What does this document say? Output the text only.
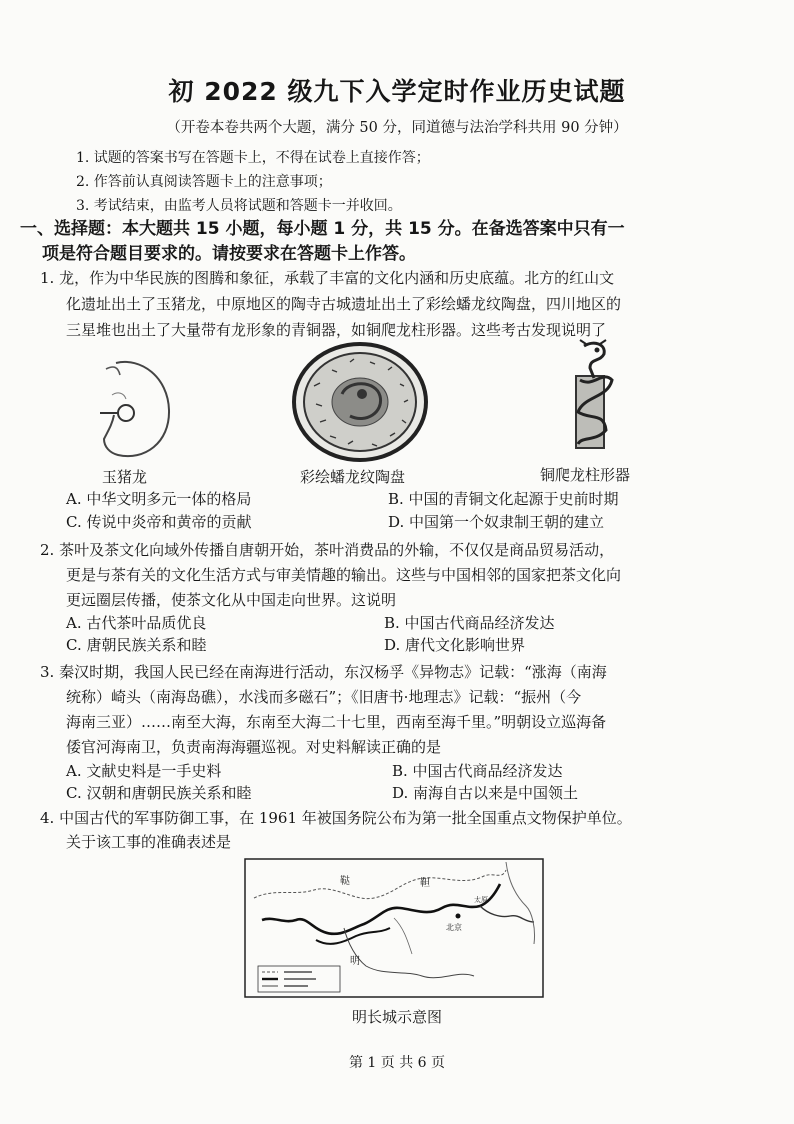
初 2022 级九下入学定时作业历史试题
（开卷本卷共两个大题，满分 50 分，同道德与法治学科共用 90 分钟）
1. 试题的答案书写在答题卡上，不得在试卷上直接作答；
2. 作答前认真阅读答题卡上的注意事项；
3. 考试结束，由监考人员将试题和答题卡一并收回。
一、选择题：本大题共 15 小题，每小题 1 分，共 15 分。在备选答案中只有一
项是符合题目要求的。请按要求在答题卡上作答。
1. 龙，作为中华民族的图腾和象征，承载了丰富的文化内涵和历史底蕴。北方的红山文
化遗址出土了玉猪龙，中原地区的陶寺古城遗址出土了彩绘蟠龙纹陶盘，四川地区的
三星堆也出土了大量带有龙形象的青铜器，如铜爬龙柱形器。这些考古发现说明了
玉猪龙	彩绘蟠龙纹陶盘	铜爬龙柱形器
A. 中华文明多元一体的格局	B. 中国的青铜文化起源于史前时期
C. 传说中炎帝和黄帝的贡献	D. 中国第一个奴隶制王朝的建立
2. 茶叶及茶文化向域外传播自唐朝开始，茶叶消费品的外输，不仅仅是商品贸易活动，
更是与茶有关的文化生活方式与审美情趣的输出。这些与中国相邻的国家把茶文化向
更远圈层传播，使茶文化从中国走向世界。这说明
A. 古代茶叶品质优良	B. 中国古代商品经济发达
C. 唐朝民族关系和睦	D. 唐代文化影响世界
3. 秦汉时期，我国人民已经在南海进行活动，东汉杨孚《异物志》记载：“涨海（南海
统称）崎头（南海岛礁），水浅而多磁石”；《旧唐书·地理志》记载：“振州（今
海南三亚）……南至大海，东南至大海二十七里，西南至海千里。”明朝设立巡海备
倭官河海南卫，负责南海海疆巡视。对史料解读正确的是
A. 文献史料是一手史料	B. 中国古代商品经济发达
C. 汉朝和唐朝民族关系和睦	D. 南海自古以来是中国领土
4. 中国古代的军事防御工事，在 1961 年被国务院公布为第一批全国重点文物保护单位。
关于该工事的准确表述是
鞑	靼
北京
明
太原
明长城示意图
第 1 页 共 6 页
